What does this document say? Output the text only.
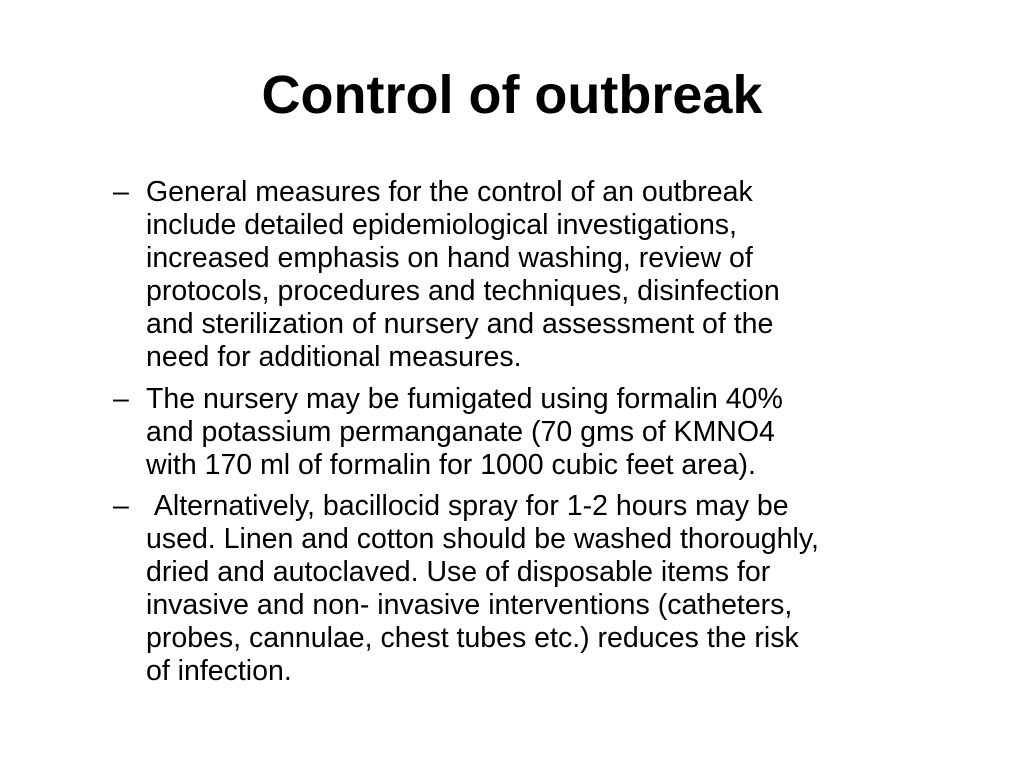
Control of outbreak
– General measures for the control of an outbreak
include detailed epidemiological investigations,
increased emphasis on hand washing, review of
protocols, procedures and techniques, disinfection
and sterilization of nursery and assessment of the
need for additional measures.
– The nursery may be fumigated using formalin 40%
and potassium permanganate (70 gms of KMNO4
with 170 ml of formalin for 1000 cubic feet area).
– Alternatively, bacillocid spray for 1-2 hours may be
used. Linen and cotton should be washed thoroughly,
dried and autoclaved. Use of disposable items for
invasive and non- invasive interventions (catheters,
probes, cannulae, chest tubes etc.) reduces the risk
of infection.
